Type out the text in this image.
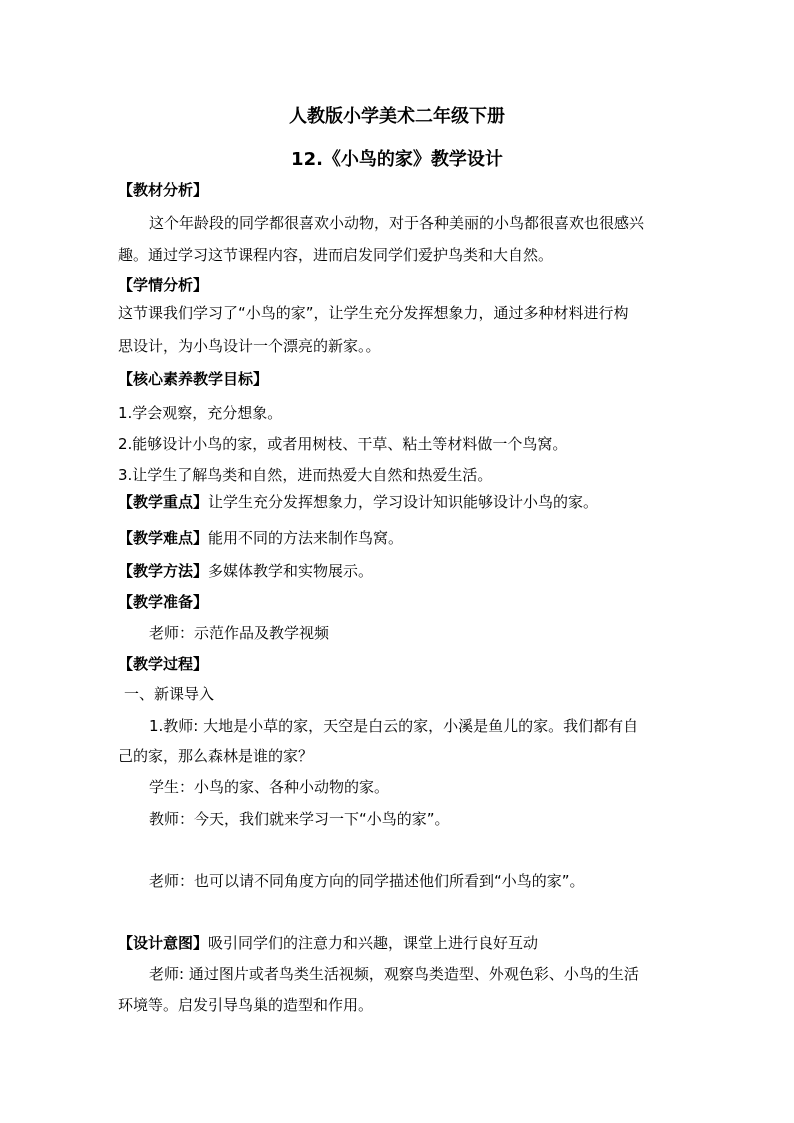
人教版小学美术二年级下册
12.《小鸟的家》教学设计
【教材分析】
这个年龄段的同学都很喜欢小动物，对于各种美丽的小鸟都很喜欢也很感兴
趣。通过学习这节课程内容，进而启发同学们爱护鸟类和大自然。
【学情分析】
这节课我们学习了“小鸟的家”，让学生充分发挥想象力，通过多种材料进行构
思设计，为小鸟设计一个漂亮的新家。。
【核心素养教学目标】
1.学会观察，充分想象。
2.能够设计小鸟的家，或者用树枝、干草、粘土等材料做一个鸟窝。
3.让学生了解鸟类和自然，进而热爱大自然和热爱生活。
【教学重点】让学生充分发挥想象力，学习设计知识能够设计小鸟的家。
【教学难点】能用不同的方法来制作鸟窝。
【教学方法】多媒体教学和实物展示。
【教学准备】
老师：示范作品及教学视频
【教学过程】
一、新课导入
1.教师: 大地是小草的家，天空是白云的家，小溪是鱼儿的家。我们都有自
己的家，那么森林是谁的家？
学生：小鸟的家、各种小动物的家。
教师：今天，我们就来学习一下“小鸟的家”。
老师：也可以请不同角度方向的同学描述他们所看到“小鸟的家”。
【设计意图】吸引同学们的注意力和兴趣，课堂上进行良好互动
老师: 通过图片或者鸟类生活视频，观察鸟类造型、外观色彩、小鸟的生活
环境等。启发引导鸟巢的造型和作用。
